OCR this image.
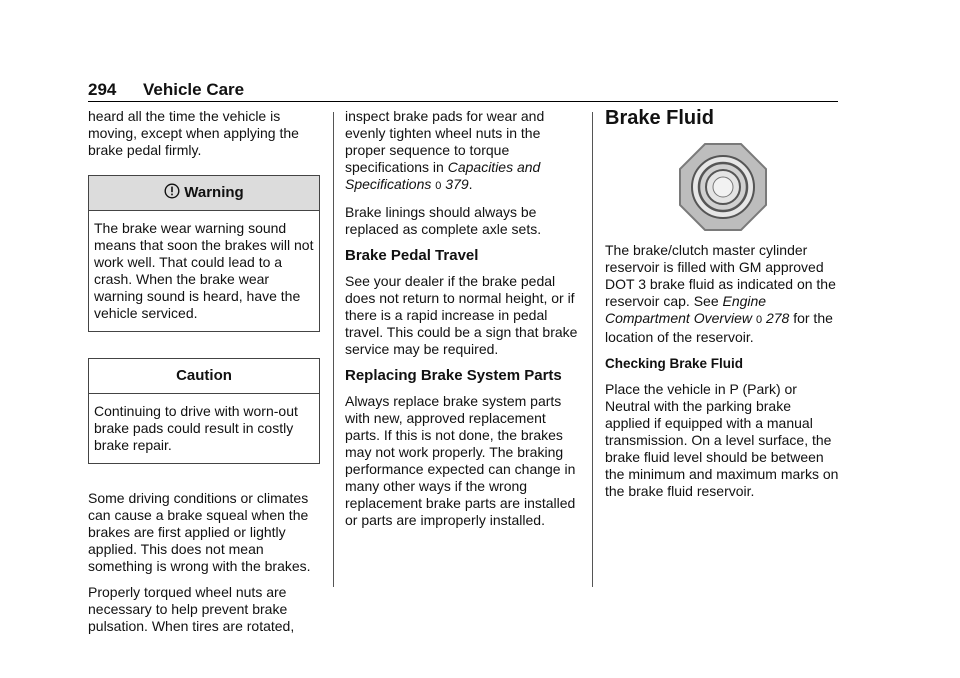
294 Vehicle Care

heard all the time the vehicle is moving, except when applying the brake pedal firmly.

Warning
The brake wear warning sound means that soon the brakes will not work well. That could lead to a crash. When the brake wear warning sound is heard, have the vehicle serviced.
Caution
Continuing to drive with worn-out brake pads could result in costly brake repair.

Some driving conditions or climates can cause a brake squeal when the brakes are first applied or lightly applied. This does not mean something is wrong with the brakes.

Properly torqued wheel nuts are necessary to help prevent brake pulsation. When tires are rotated,

inspect brake pads for wear and evenly tighten wheel nuts in the proper sequence to torque specifications in Capacities and Specifications 0 379.

Brake linings should always be replaced as complete axle sets.

Brake Pedal Travel

See your dealer if the brake pedal does not return to normal height, or if there is a rapid increase in pedal travel. This could be a sign that brake service may be required.

Replacing Brake System Parts

Always replace brake system parts with new, approved replacement parts. If this is not done, the brakes may not work properly. The braking performance expected can change in many other ways if the wrong replacement brake parts are installed or parts are improperly installed.

Brake Fluid

The brake/clutch master cylinder reservoir is filled with GM approved DOT 3 brake fluid as indicated on the reservoir cap. See Engine Compartment Overview 0 278 for the location of the reservoir.

Checking Brake Fluid

Place the vehicle in P (Park) or Neutral with the parking brake applied if equipped with a manual transmission. On a level surface, the brake fluid level should be between the minimum and maximum marks on the brake fluid reservoir.
